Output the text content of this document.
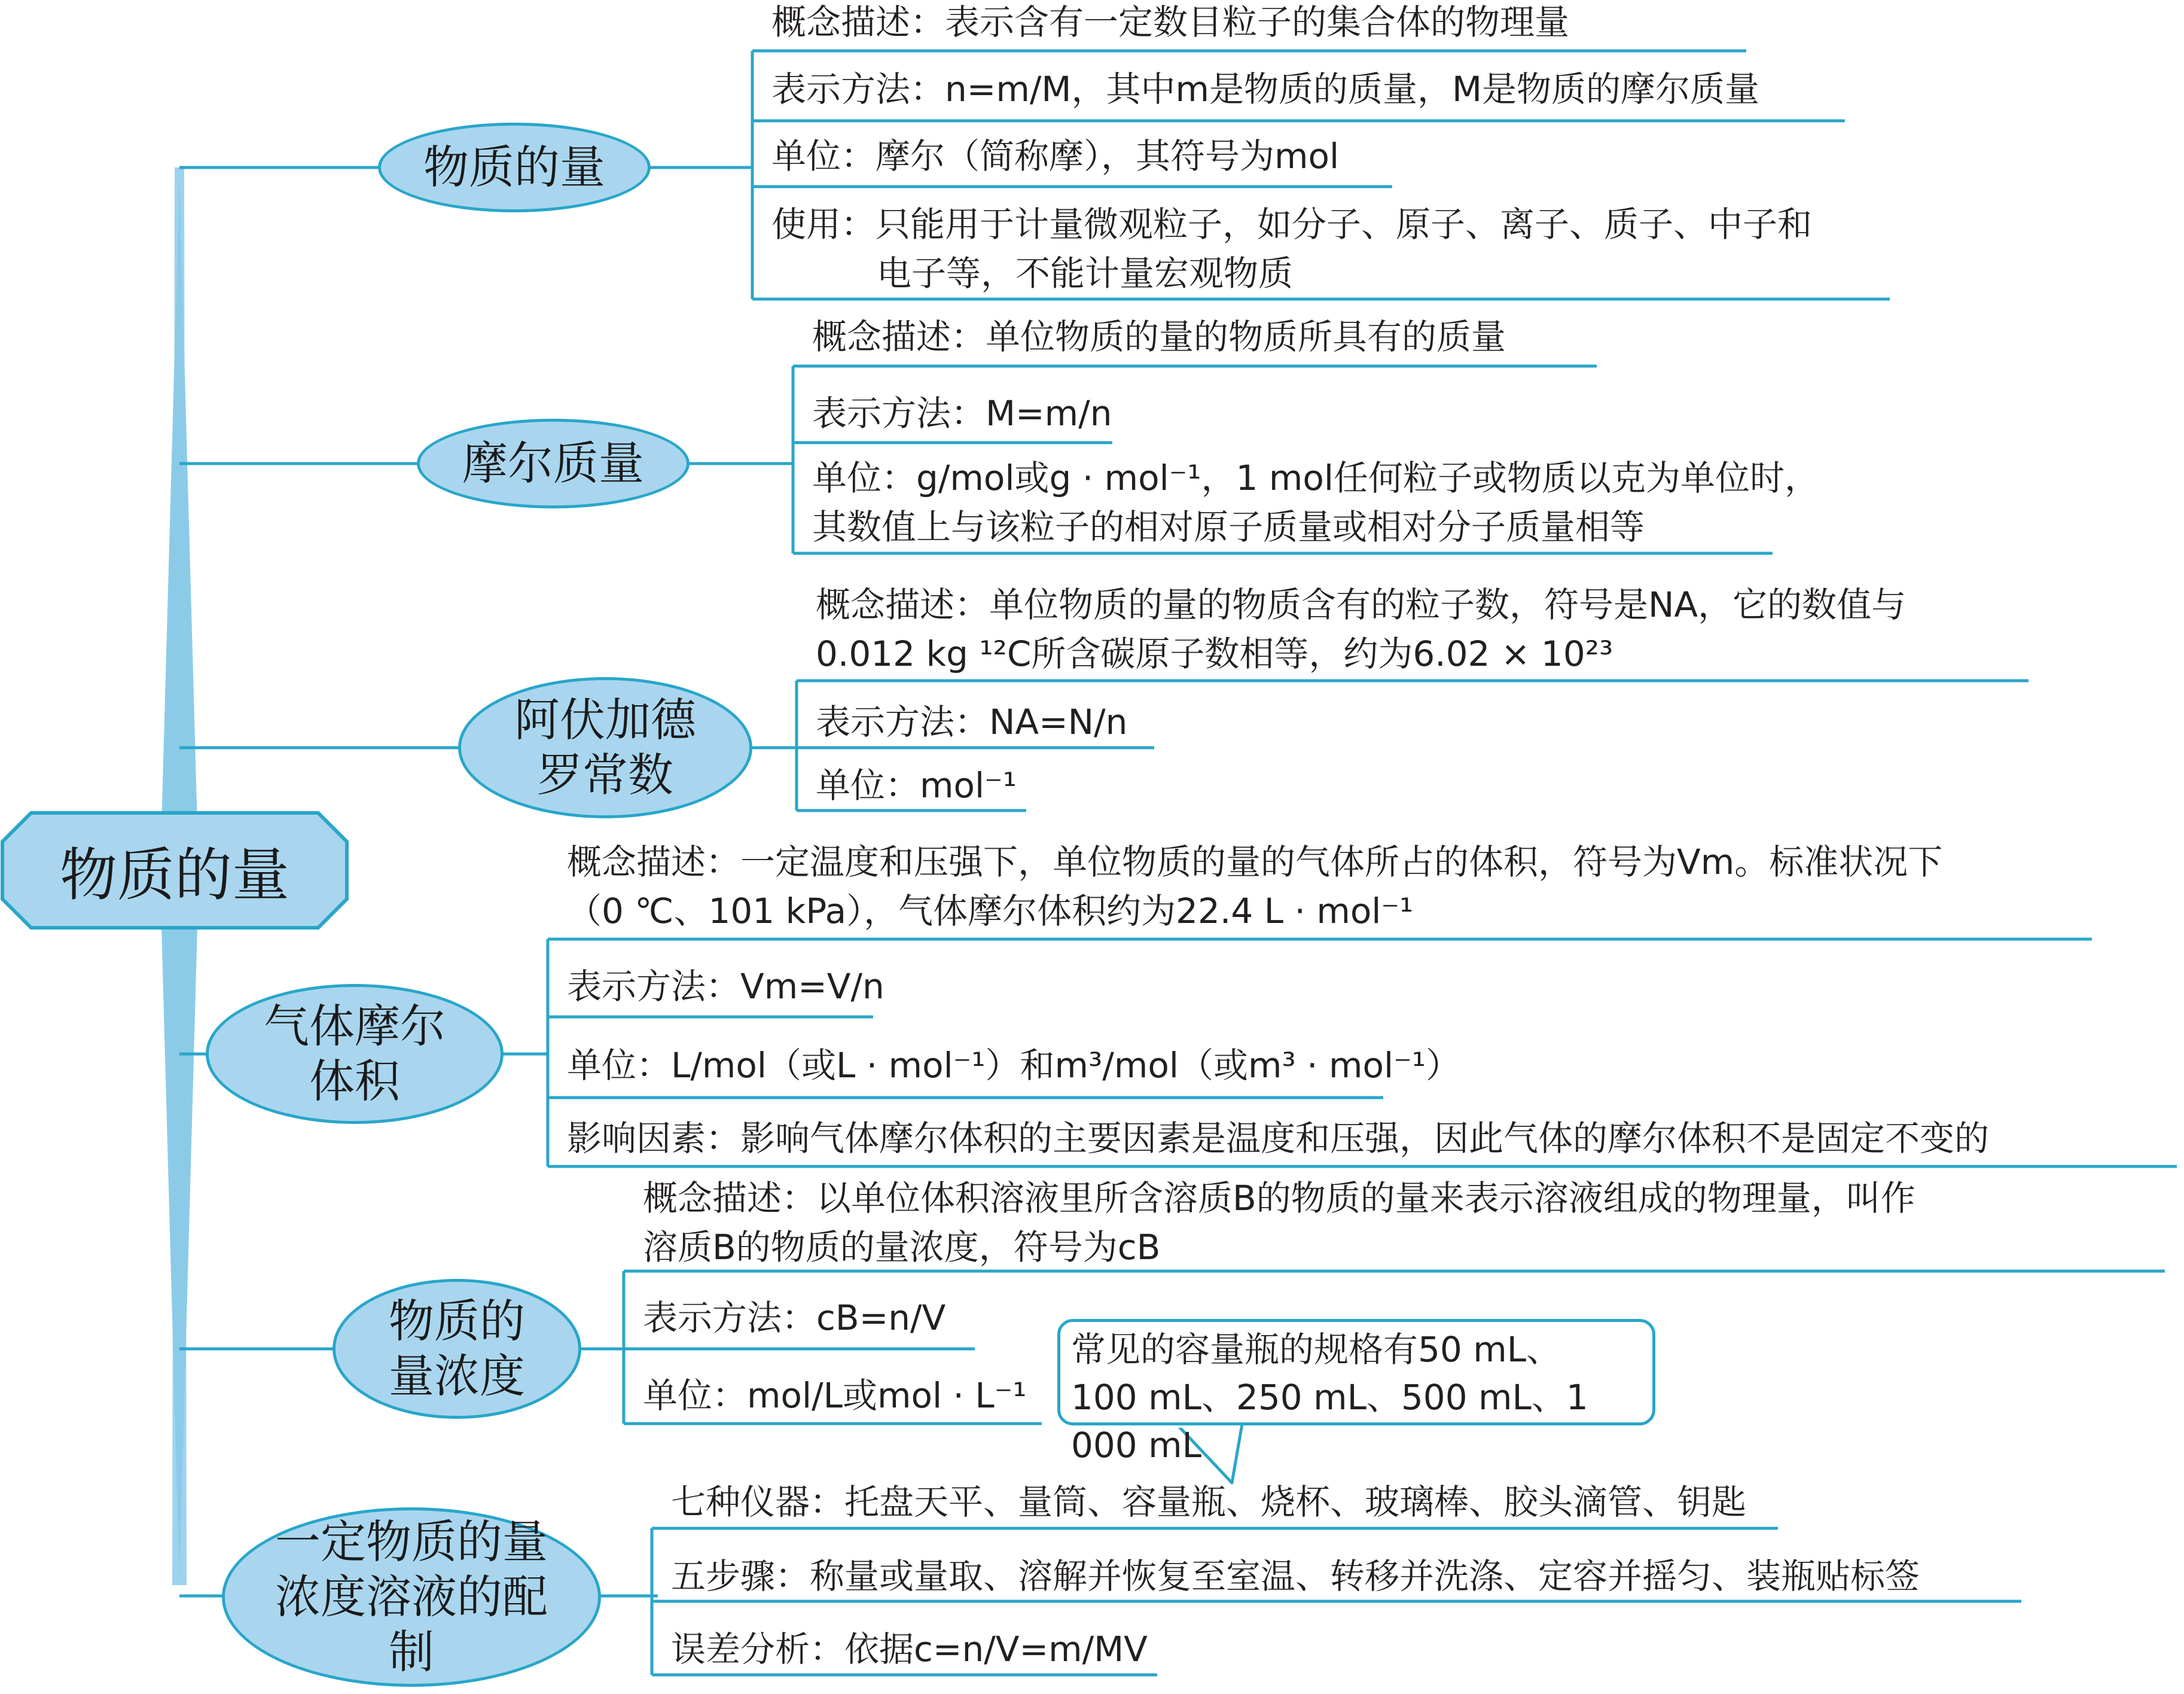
物质的量
物质的量
摩尔质量
阿伏加德罗常数
气体摩尔体积
物质的量浓度
一定物质的量浓度溶液的配制
概念描述：表示含有一定数目粒子的集合体的物理量
表示方法：n=m/M，其中m是物质的质量，M是物质的摩尔质量
单位：摩尔（简称摩），其符号为mol
使用：只能用于计量微观粒子，如分子、原子、离子、质子、中子和
电子等，不能计量宏观物质
概念描述：单位物质的量的物质所具有的质量
表示方法：M=m/n
单位：g/mol或g · mol⁻¹，1 mol任何粒子或物质以克为单位时，
其数值上与该粒子的相对原子质量或相对分子质量相等
概念描述：单位物质的量的物质含有的粒子数，符号是NA，它的数值与
0.012 kg ¹²C所含碳原子数相等，约为6.02 × 10²³
表示方法：NA=N/n
单位：mol⁻¹
概念描述：一定温度和压强下，单位物质的量的气体所占的体积，符号为Vm。标准状况下
（0 ℃、101 kPa），气体摩尔体积约为22.4 L · mol⁻¹
表示方法：Vm=V/n
单位：L/mol（或L · mol⁻¹）和m³/mol（或m³ · mol⁻¹）
影响因素：影响气体摩尔体积的主要因素是温度和压强，因此气体的摩尔体积不是固定不变的
概念描述：以单位体积溶液里所含溶质B的物质的量来表示溶液组成的物理量，叫作
溶质B的物质的量浓度，符号为cB
表示方法：cB=n/V
单位：mol/L或mol · L⁻¹
常见的容量瓶的规格有50 mL、
100 mL、250 mL、500 mL、1 000 mL
七种仪器：托盘天平、量筒、容量瓶、烧杯、玻璃棒、胶头滴管、钥匙
五步骤：称量或量取、溶解并恢复至室温、转移并洗涤、定容并摇匀、装瓶贴标签
误差分析：依据c=n/V=m/MV
